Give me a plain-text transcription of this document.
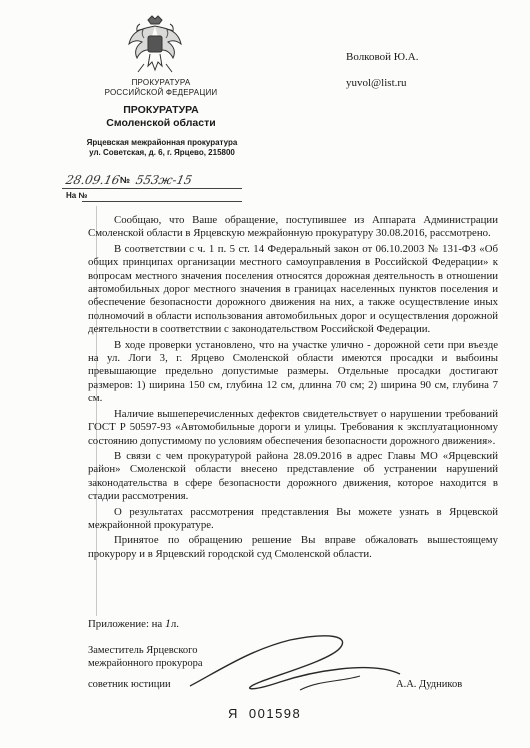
ПРОКУРАТУРА
РОССИЙСКОЙ ФЕДЕРАЦИИ
ПРОКУРАТУРА
Смоленской области
Ярцевская межрайонная прокуратура
ул. Советская, д. 6, г. Ярцево, 215800
28.09.16 № 553ж-15
На №
Волковой Ю.А.
yuvol@list.ru

Сообщаю, что Ваше обращение, поступившее из Аппарата Администрации Смоленской области в Ярцевскую межрайонную прокуратуру 30.08.2016, рассмотрено.

В соответствии с ч. 1 п. 5 ст. 14 Федеральный закон от 06.10.2003 № 131-ФЗ «Об общих принципах организации местного самоуправления в Российской Федерации» к вопросам местного значения поселения относятся дорожная деятельность в отношении автомобильных дорог местного значения в границах населенных пунктов поселения и обеспечение безопасности дорожного движения на них, а также осуществление иных полномочий в области использования автомобильных дорог и осуществления дорожной деятельности в соответствии с законодательством Российской Федерации.

В ходе проверки установлено, что на участке улично - дорожной сети при въезде на ул. Логи 3, г. Ярцево Смоленской области имеются просадки и выбоины превышающие предельно допустимые размеры. Отдельные просадки достигают размеров: 1) ширина 150 см, глубина 12 см, длинна 70 см; 2) ширина 90 см, глубина 7 см.

Наличие вышеперечисленных дефектов свидетельствует о нарушении требований ГОСТ Р 50597-93 «Автомобильные дороги и улицы. Требования к эксплуатационному состоянию допустимому по условиям обеспечения безопасности дорожного движения».

В связи с чем прокуратурой района 28.09.2016 в адрес Главы МО «Ярцевский район» Смоленской области внесено представление об устранении нарушений законодательства в сфере безопасности дорожного движения, которое находится в стадии рассмотрения.

О результатах рассмотрения представления Вы можете узнать в Ярцевской межрайонной прокуратуре.

Принятое по обращению решение Вы вправе обжаловать вышестоящему прокурору и в Ярцевский городской суд Смоленской области.

Приложение: на 1л.
Заместитель Ярцевского
межрайонного прокурора
советник юстиции	А.А. Дудников
Я 001598
